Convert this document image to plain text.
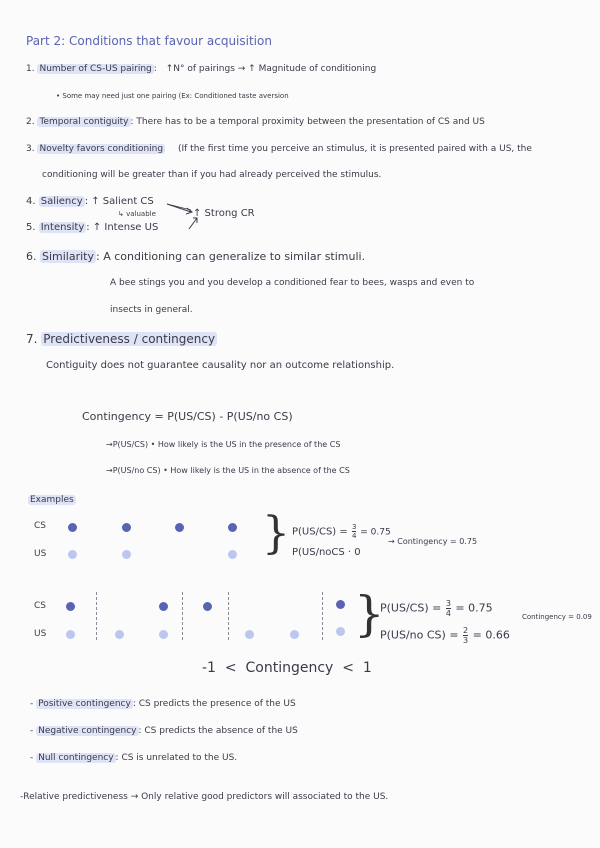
Part 2: Conditions that favour acquisition
1. Number of CS-US pairing : ↑N° of pairings → ↑ Magnitude of conditioning
• Some may need just one pairing (Ex: Conditioned taste aversion
2. Temporal contiguity : There has to be a temporal proximity between the presentation of CS and US
3. Novelty favors conditioning (If the first time you perceive an stimulus, it is presented paired with a US, the
conditioning will be greater than if you had already perceived the stimulus.
4. Saliency : ↑ Salient CS
↳ valuable
5. Intensity : ↑ Intense US
↑ Strong CR
6. Similarity : A conditioning can generalize to similar stimuli.
A bee stings you and you develop a conditioned fear to bees, wasps and even to
insects in general.
7. Predictiveness / contingency
Contiguity does not guarantee causality nor an outcome relationship.
Contingency = P(US/CS) - P(US/no CS)
→P(US/CS) • How likely is the US in the presence of the CS
→P(US/no CS) • How likely is the US in the absence of the CS
Examples
CS
US	} $P(US/CS) = \frac{3}{4} = 0.75$
P(US/noCS · 0
→ Contingency = 0.75
CS
US	}
$P(US/CS) = \frac{3}{4} = 0.75$
P(US/no $CS) = \frac{2}{3} = 0.66$
Contingency = 0.09
-1  <  Contingency  <  1
- Positive contingency : CS predicts the presence of the US
- Negative contingency : CS predicts the absence of the US
- Null contingency : CS is unrelated to the US.
-Relative predictiveness → Only relative good predictors will associated to the US.
